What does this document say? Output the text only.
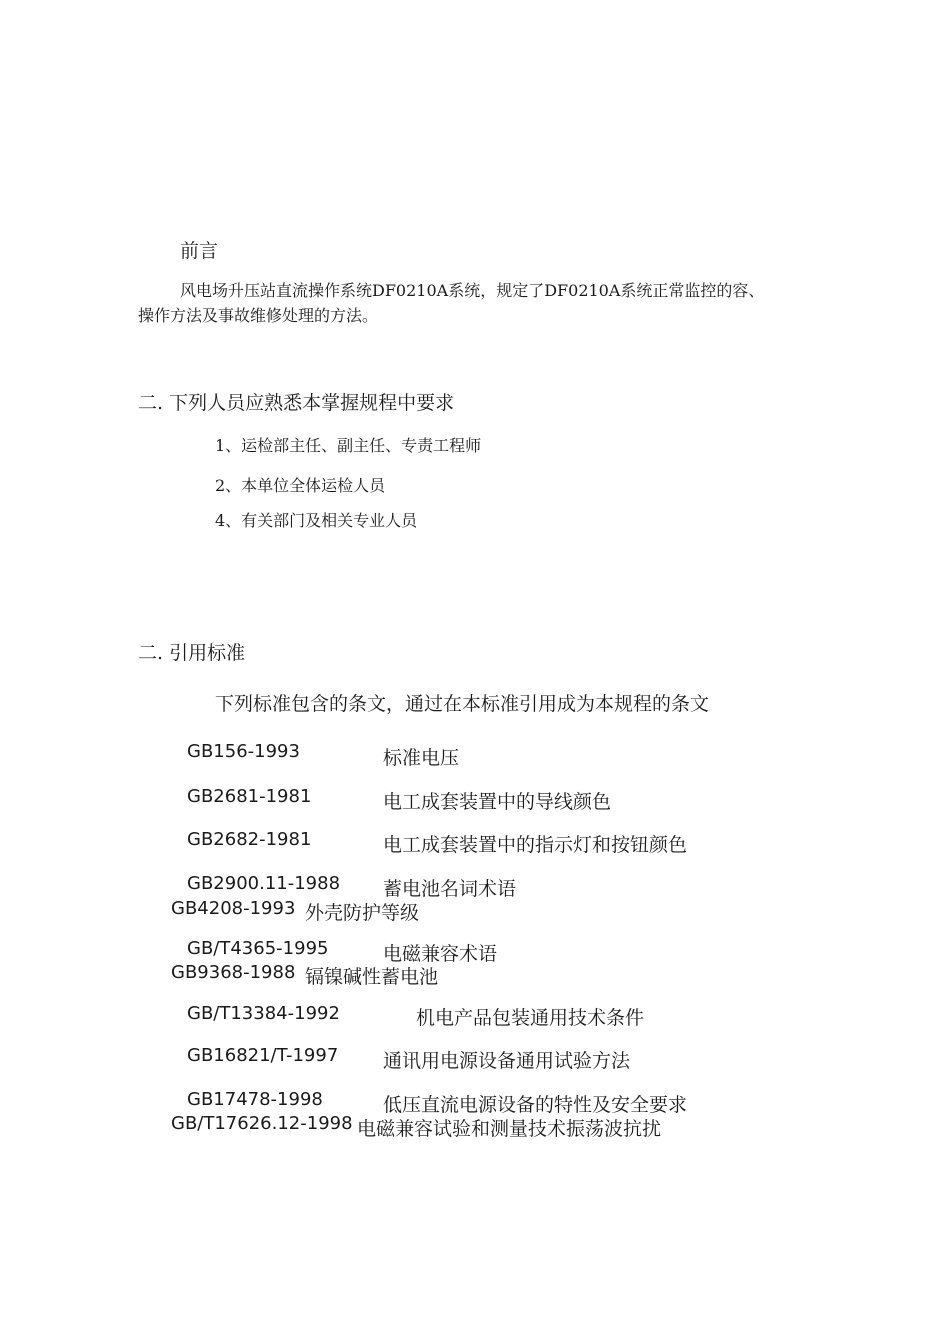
前言
风电场升压站直流操作系统DF0210A系统，规定了DF0210A系统正常监控的容、
操作方法及事故维修处理的方法。
二. 下列人员应熟悉本掌握规程中要求
1、运检部主任、副主任、专责工程师
2、本单位全体运检人员
4、有关部门及相关专业人员
二. 引用标准
下列标准包含的条文，通过在本标准引用成为本规程的条文
GB156-1993	标准电压
GB2681-1981	电工成套装置中的导线颜色
GB2682-1981	电工成套装置中的指示灯和按钮颜色
GB2900.11-1988 蓄电池名词术语
GB4208-1993 外壳防护等级
GB/T4365-1995	电磁兼容术语
GB9368-1988 镉镍碱性蓄电池
GB/T13384-1992	机电产品包装通用技术条件
GB16821/T-1997 通讯用电源设备通用试验方法
GB17478-1998	低压直流电源设备的特性及安全要求
GB/T17626.12-1998 电磁兼容试验和测量技术振荡波抗扰
